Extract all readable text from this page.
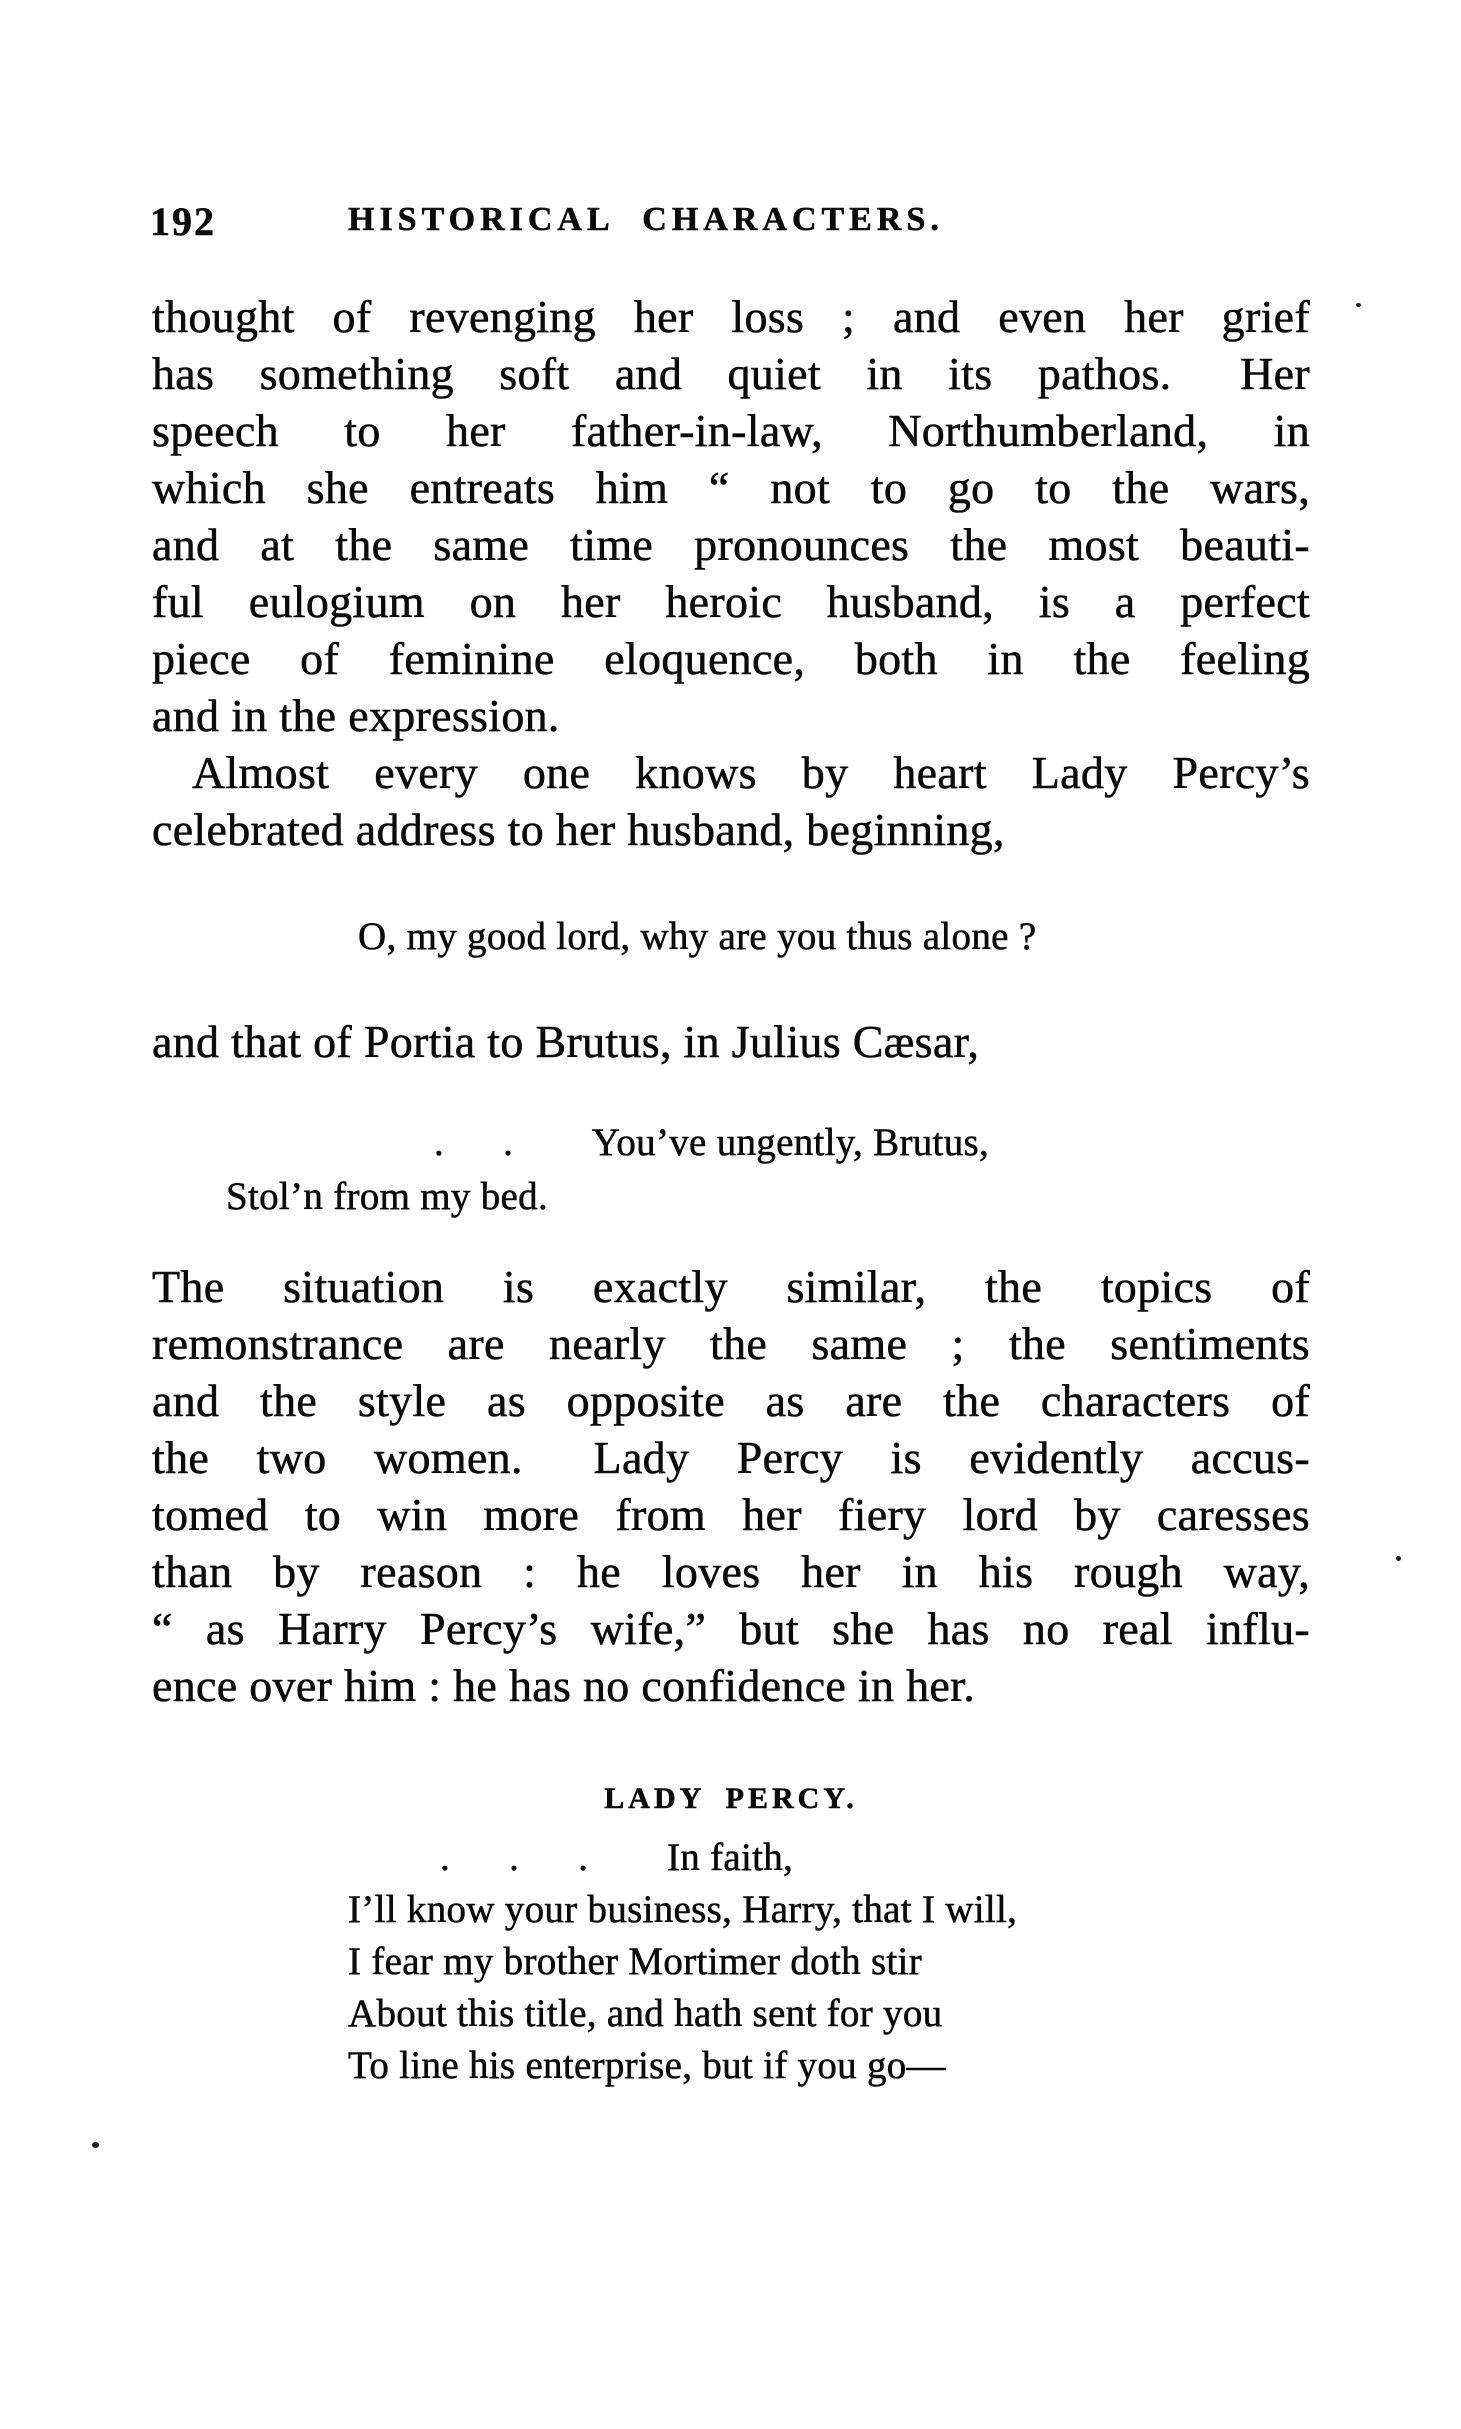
192	HISTORICAL CHARACTERS.

thought of revenging her loss ; and even her grief
has something soft and quiet in its pathos.  Her
speech to her father-in-law, Northumberland, in
which she entreats him “ not to go to the wars,
and at the same time pronounces the most beauti-
ful eulogium on her heroic husband, is a perfect
piece of feminine eloquence, both in the feeling
and in the expression.

Almost every one knows by heart Lady Percy’s
celebrated address to her husband, beginning,

O, my good lord, why are you thus alone ?

and that of Portia to Brutus, in Julius Cæsar,

.  .  You’ve ungently, Brutus,
Stol’n from my bed.

The situation is exactly similar, the topics of
remonstrance are nearly the same ; the sentiments
and the style as opposite as are the characters of
the two women.  Lady Percy is evidently accus-
tomed to win more from her fiery lord by caresses
than by reason : he loves her in his rough way,
“ as Harry Percy’s wife,” but she has no real influ-
ence over him : he has no confidence in her.

LADY PERCY.
.  .  .  In faith,
I’ll know your business, Harry, that I will,
I fear my brother Mortimer doth stir
About this title, and hath sent for you
To line his enterprise, but if you go—
